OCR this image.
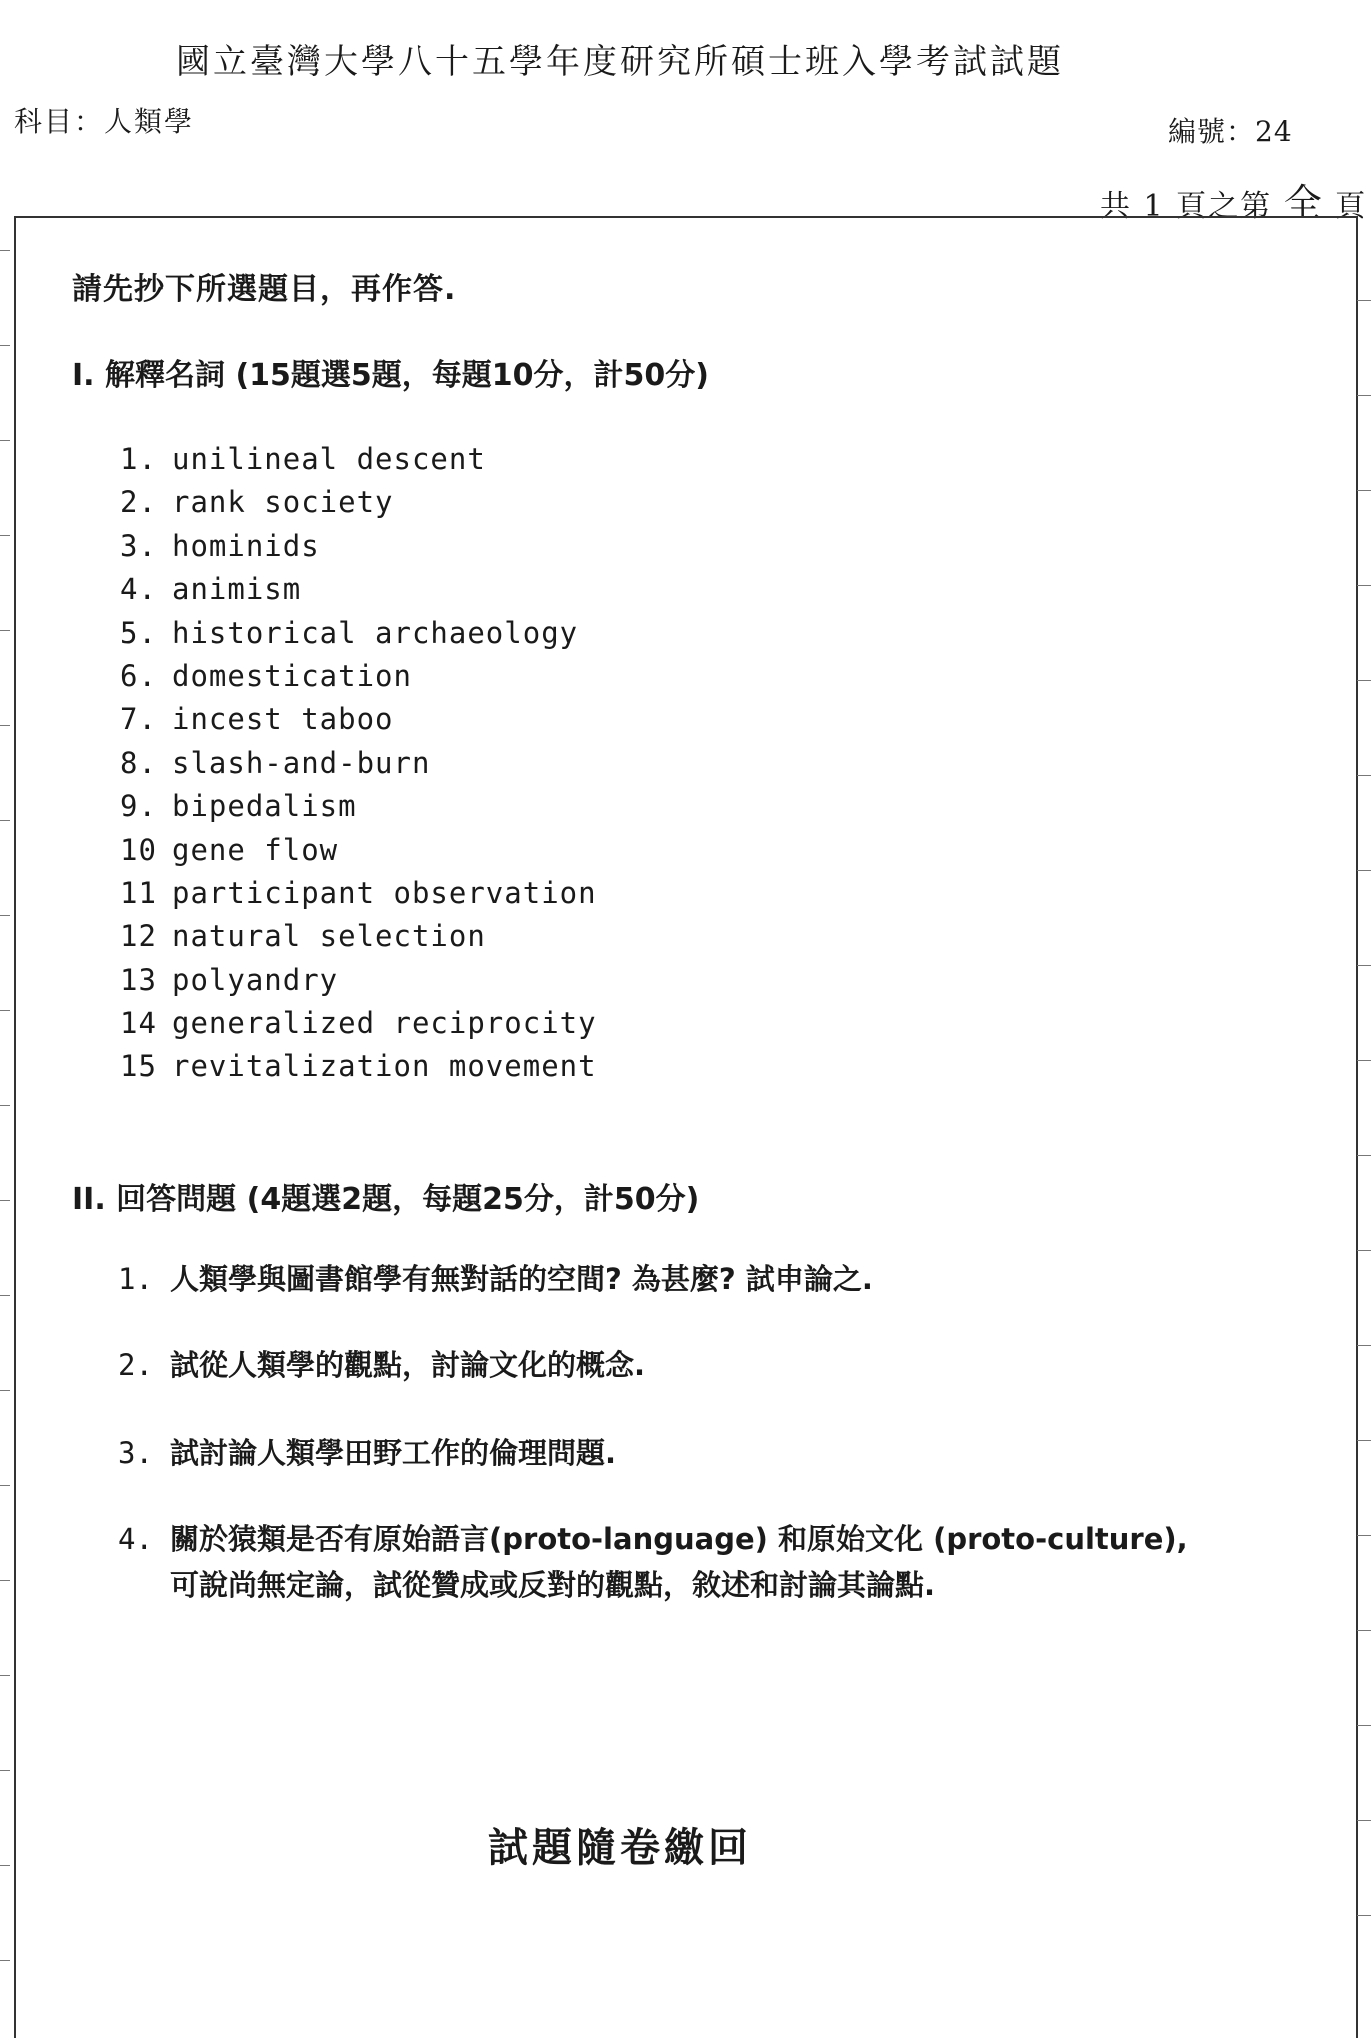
國立臺灣大學八十五學年度研究所碩士班入學考試試題
科目：人類學	編號：24
共 1 頁之第 全 頁
請先抄下所選題目，再作答.
I. 解釋名詞 (15題選5題，每題10分，計50分)
1. unilineal descent
2. rank society
3. hominids
4. animism
5. historical archaeology
6. domestication
7. incest taboo
8. slash-and-burn
9. bipedalism
10 gene flow
11 participant observation
12 natural selection
13 polyandry
14 generalized reciprocity
15 revitalization movement
II. 回答問題 (4題選2題，每題25分，計50分)
1. 人類學與圖書館學有無對話的空間? 為甚麼? 試申論之.
2. 試從人類學的觀點，討論文化的概念.
3. 試討論人類學田野工作的倫理問題.
4. 關於猿類是否有原始語言(proto-language) 和原始文化 (proto-culture),
可說尚無定論，試從贊成或反對的觀點，敘述和討論其論點.
試題隨卷繳回
